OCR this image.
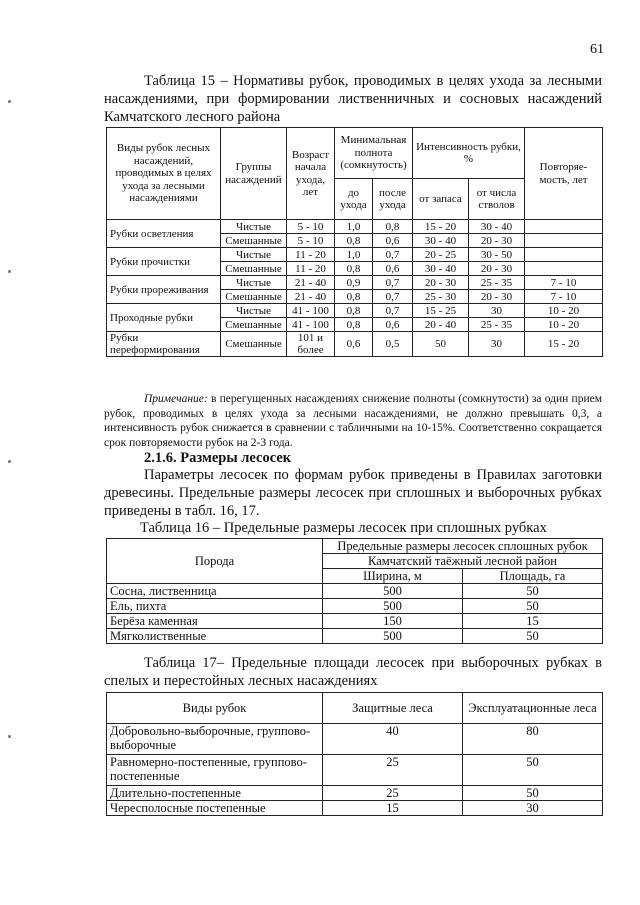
61
Таблица 15 – Нормативы рубок, проводимых в целях ухода за лесными насаждениями, при формировании лиственничных и сосновых насаждений Камчатского лесного района
Виды рубок лесных насаждений, проводимых в целях ухода за лесными насаждениями	Группы насаждений	Возраст начала ухода, лет	Минимальная полнота (сомкнутость)		Интенсивность рубки, %		Повторяе-мость, лет
			до ухода	после ухода	от запаса	от числа стволов	
Рубки осветления	Чистые	5 - 10	1,0	0,8	15 - 20	30 - 40	
	Смешанные	5 - 10	0,8	0,6	30 - 40	20 - 30	
Рубки прочистки	Чистые	11 - 20	1,0	0,7	20 - 25	30 - 50	
	Смешанные	11 - 20	0,8	0,6	30 - 40	20 - 30	
Рубки прореживания	Чистые	21 - 40	0,9	0,7	20 - 30	25 - 35	7 - 10
	Смешанные	21 - 40	0,8	0,7	25 - 30	20 - 30	7 - 10
Проходные рубки	Чистые	41 - 100	0,8	0,7	15 - 25	30	10 - 20
	Смешанные	41 - 100	0,8	0,6	20 - 40	25 - 35	10 - 20
Рубки переформирования	Смешанные	101 и более	0,6	0,5	50	30	15 - 20
Примечание: в перегущенных насаждениях снижение полноты (сомкнутости) за один прием рубок, проводимых в целях ухода за лесными насаждениями, не должно превышать 0,3, а интенсивность рубок снижается в сравнении с табличными на 10-15%. Соответственно сокращается срок повторяемости рубок на 2-3 года.
2.1.6. Размеры лесосек
Параметры лесосек по формам рубок приведены в Правилах заготовки древесины. Предельные размеры лесосек при сплошных и выборочных рубках приведены в табл. 16, 17.
Таблица 16 – Предельные размеры лесосек при сплошных рубках
Порода	Предельные размеры лесосек сплошных рубок	
	Камчатский таёжный лесной район	
	Ширина, м	Площадь, га
Сосна, лиственница	500	50
Ель, пихта	500	50
Берёза каменная	150	15
Мягколиственные	500	50
Таблица 17– Предельные площади лесосек при выборочных рубках в спелых и перестойных лесных насаждениях
Виды рубок	Защитные леса	Эксплуатационные леса
Добровольно-выборочные, группово-выборочные	40	80
Равномерно-постепенные, группово-постепенные	25	50
Длительно-постепенные	25	50
Чересполосные постепенные	15	30
